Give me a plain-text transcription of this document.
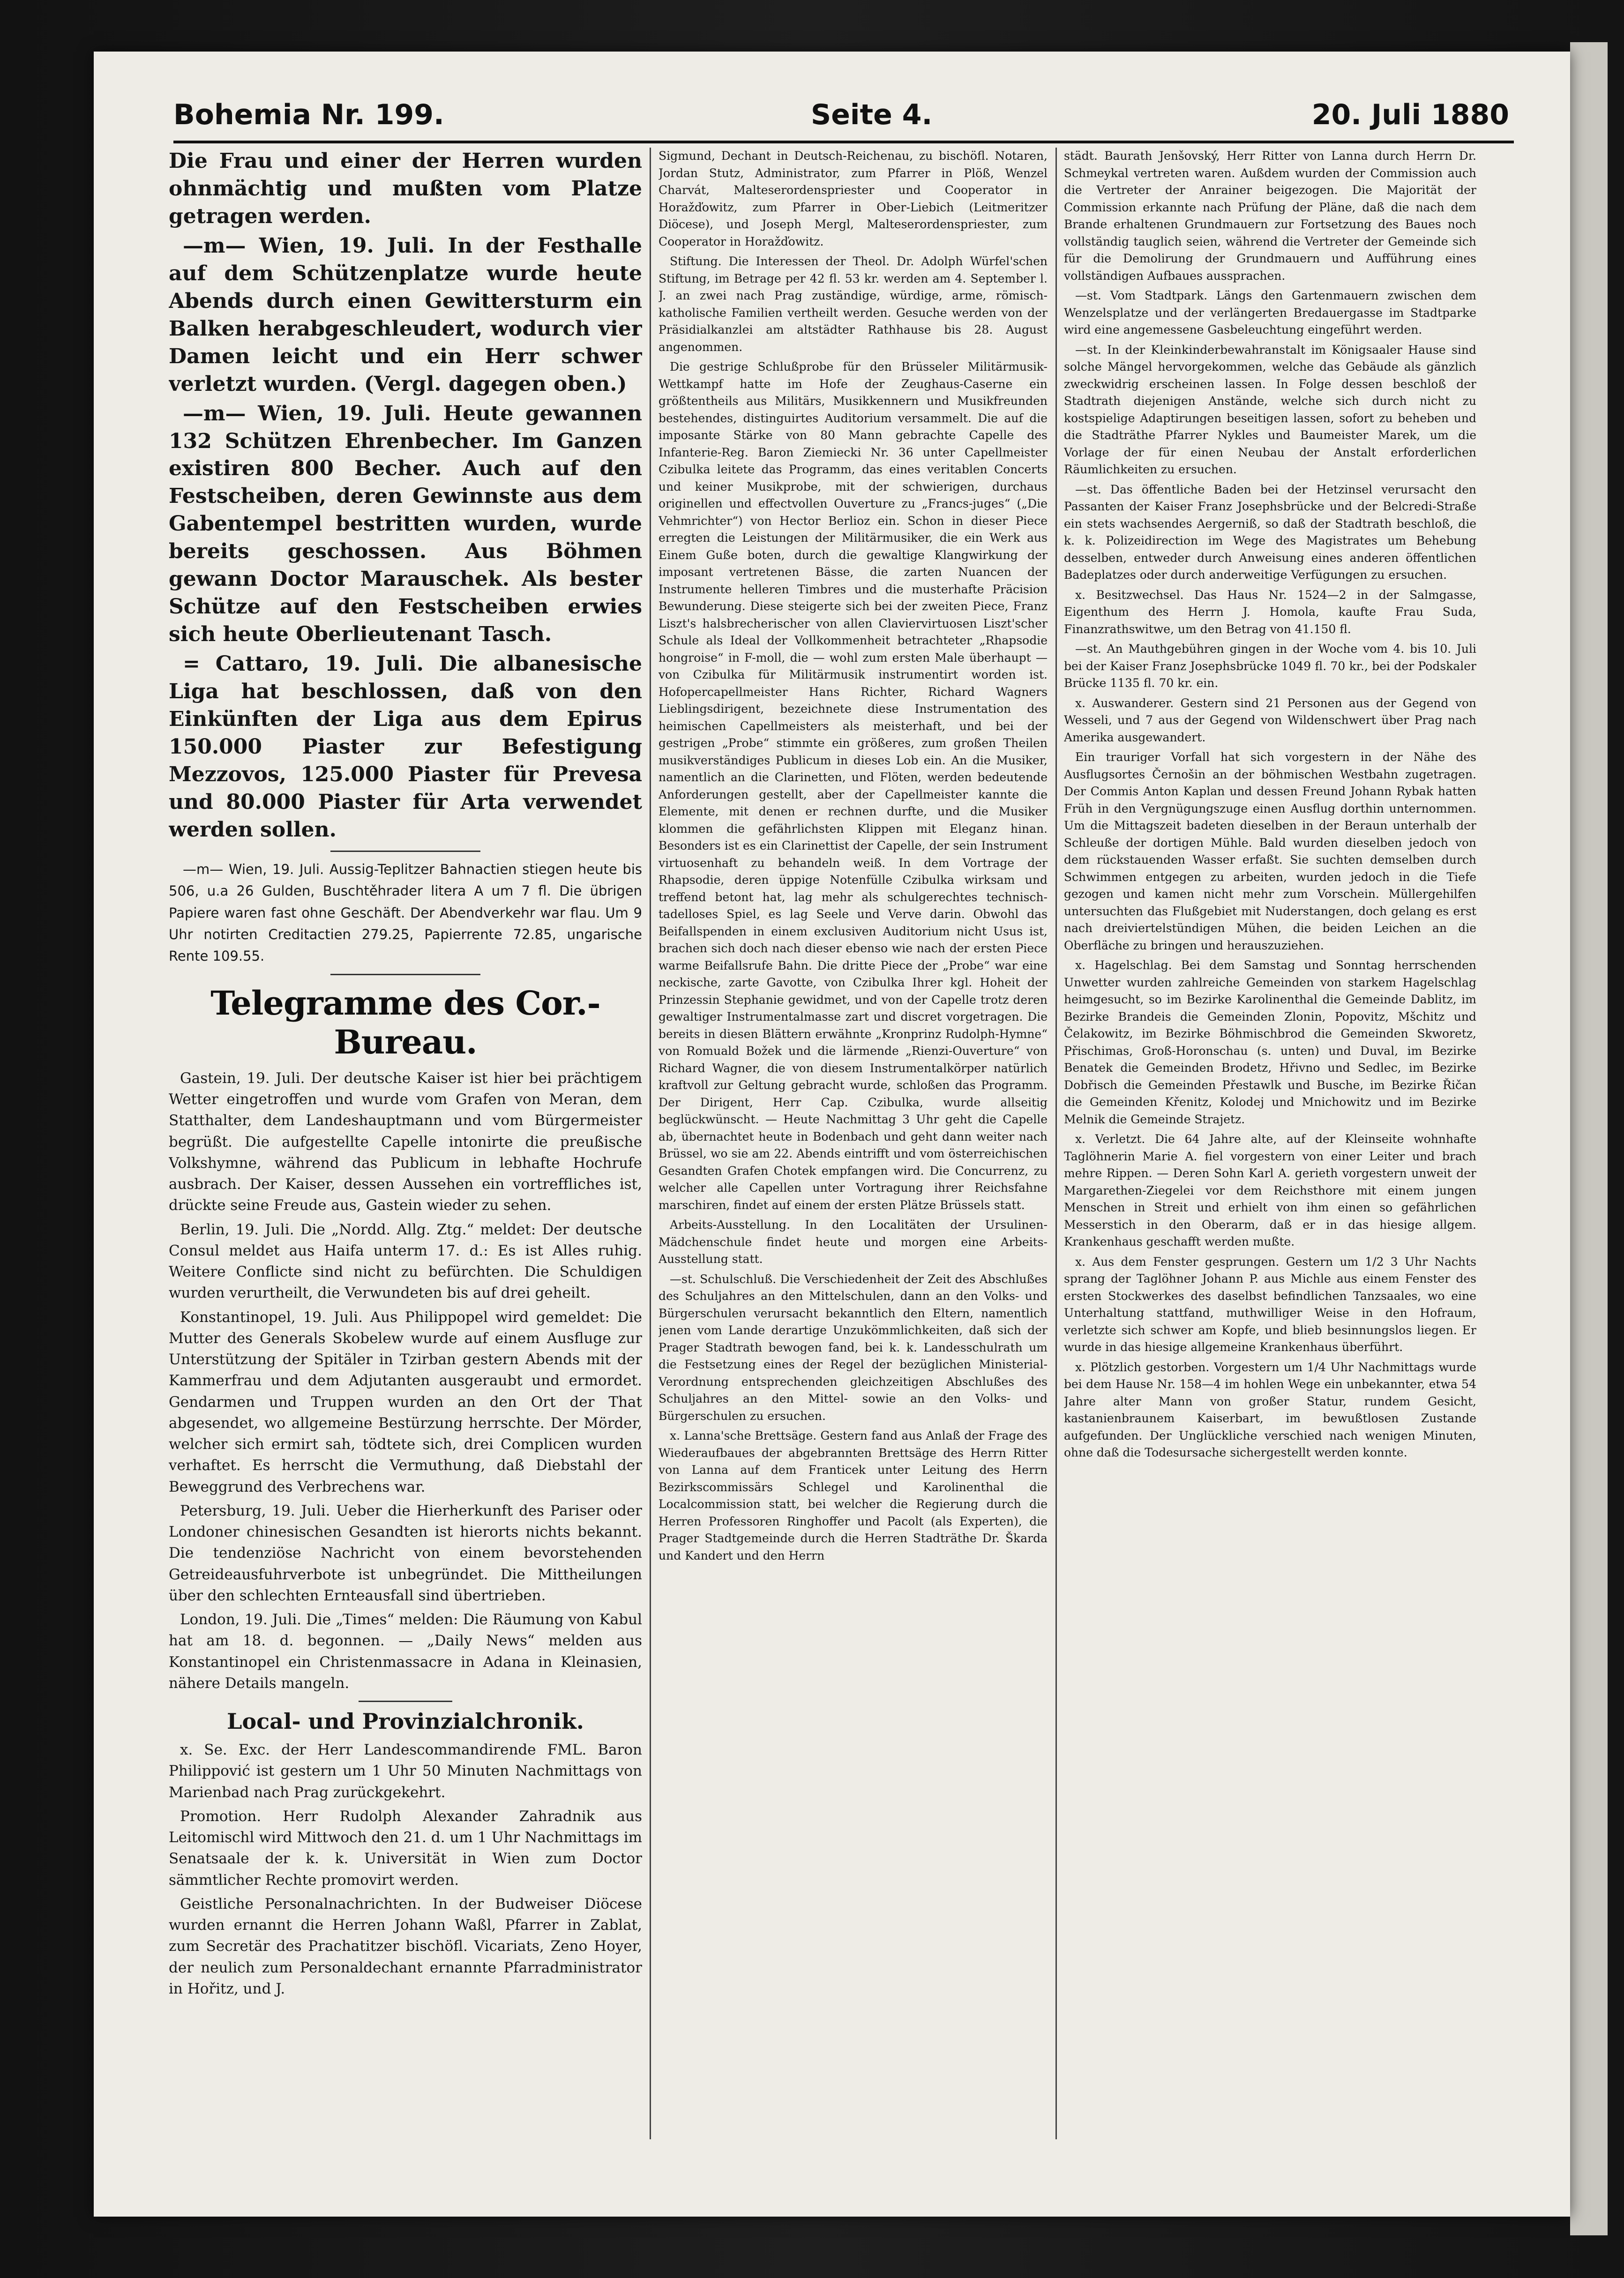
Bohemia Nr. 199.	Seite 4.	20. Juli 1880

Die Frau und einer der Herren wurden ohnmächtig und mußten vom Platze getragen werden.

—m— Wien, 19. Juli. In der Festhalle auf dem Schützenplatze wurde heute Abends durch einen Gewittersturm ein Balken herabgeschleudert, wodurch vier Damen leicht und ein Herr schwer verletzt wurden. (Vergl. dagegen oben.)

—m— Wien, 19. Juli. Heute gewannen 132 Schützen Ehrenbecher. Im Ganzen existiren 800 Becher. Auch auf den Festscheiben, deren Gewinnste aus dem Gabentempel bestritten wurden, wurde bereits geschossen. Aus Böhmen gewann Doctor Marauschek. Als bester Schütze auf den Festscheiben erwies sich heute Oberlieutenant Tasch.

= Cattaro, 19. Juli. Die albanesische Liga hat beschlossen, daß von den Einkünften der Liga aus dem Epirus 150.000 Piaster zur Befestigung Mezzovos, 125.000 Piaster für Prevesa und 80.000 Piaster für Arta verwendet werden sollen.

—m— Wien, 19. Juli. Aussig-Teplitzer Bahnactien stiegen heute bis 506, u.a 26 Gulden, Buschtěhrader litera A um 7 fl. Die übrigen Papiere waren fast ohne Geschäft. Der Abendverkehr war flau. Um 9 Uhr notirten Creditactien 279.25, Papierrente 72.85, ungarische Rente 109.55.

Telegramme des Cor.-Bureau.

Gastein, 19. Juli. Der deutsche Kaiser ist hier bei prächtigem Wetter eingetroffen und wurde vom Grafen von Meran, dem Statthalter, dem Landeshauptmann und vom Bürgermeister begrüßt. Die aufgestellte Capelle intonirte die preußische Volkshymne, während das Publicum in lebhafte Hochrufe ausbrach. Der Kaiser, dessen Aussehen ein vortreffliches ist, drückte seine Freude aus, Gastein wieder zu sehen.

Berlin, 19. Juli. Die „Nordd. Allg. Ztg.“ meldet: Der deutsche Consul meldet aus Haifa unterm 17. d.: Es ist Alles ruhig. Weitere Conflicte sind nicht zu befürchten. Die Schuldigen wurden verurtheilt, die Verwundeten bis auf drei geheilt.

Konstantinopel, 19. Juli. Aus Philippopel wird gemeldet: Die Mutter des Generals Skobelew wurde auf einem Ausfluge zur Unterstützung der Spitäler in Tzirban gestern Abends mit der Kammerfrau und dem Adjutanten ausgeraubt und ermordet. Gendarmen und Truppen wurden an den Ort der That abgesendet, wo allgemeine Bestürzung herrschte. Der Mörder, welcher sich ermirt sah, tödtete sich, drei Complicen wurden verhaftet. Es herrscht die Vermuthung, daß Diebstahl der Beweggrund des Verbrechens war.

Petersburg, 19. Juli. Ueber die Hierherkunft des Pariser oder Londoner chinesischen Gesandten ist hierorts nichts bekannt. Die tendenziöse Nachricht von einem bevorstehenden Getreideausfuhrverbote ist unbegründet. Die Mittheilungen über den schlechten Ernteausfall sind übertrieben.

London, 19. Juli. Die „Times“ melden: Die Räumung von Kabul hat am 18. d. begonnen. — „Daily News“ melden aus Konstantinopel ein Christenmassacre in Adana in Kleinasien, nähere Details mangeln.

Local- und Provinzialchronik.

x. Se. Exc. der Herr Landescommandirende FML. Baron Philippović ist gestern um 1 Uhr 50 Minuten Nachmittags von Marienbad nach Prag zurückgekehrt.

Promotion. Herr Rudolph Alexander Zahradnik aus Leitomischl wird Mittwoch den 21. d. um 1 Uhr Nachmittags im Senatsaale der k. k. Universität in Wien zum Doctor sämmtlicher Rechte promovirt werden.

Geistliche Personalnachrichten. In der Budweiser Diöcese wurden ernannt die Herren Johann Waßl, Pfarrer in Zablat, zum Secretär des Prachatitzer bischöfl. Vicariats, Zeno Hoyer, der neulich zum Personaldechant ernannte Pfarradministrator in Hořitz, und J.

Sigmund, Dechant in Deutsch-Reichenau, zu bischöfl. Notaren, Jordan Stutz, Administrator, zum Pfarrer in Plöß, Wenzel Charvát, Malteserordenspriester und Cooperator in Horažďowitz, zum Pfarrer in Ober-Liebich (Leitmeritzer Diöcese), und Joseph Mergl, Malteserordenspriester, zum Cooperator in Horažďowitz.

Stiftung. Die Interessen der Theol. Dr. Adolph Würfel'schen Stiftung, im Betrage per 42 fl. 53 kr. werden am 4. September l. J. an zwei nach Prag zuständige, würdige, arme, römisch-katholische Familien vertheilt werden. Gesuche werden von der Präsidialkanzlei am altstädter Rathhause bis 28. August angenommen.

Die gestrige Schlußprobe für den Brüsseler Militärmusik-Wettkampf hatte im Hofe der Zeughaus-Caserne ein größtentheils aus Militärs, Musikkennern und Musikfreunden bestehendes, distinguirtes Auditorium versammelt. Die auf die imposante Stärke von 80 Mann gebrachte Capelle des Infanterie-Reg. Baron Ziemiecki Nr. 36 unter Capellmeister Czibulka leitete das Programm, das eines veritablen Concerts und keiner Musikprobe, mit der schwierigen, durchaus originellen und effectvollen Ouverture zu „Francs-juges“ („Die Vehmrichter“) von Hector Berlioz ein. Schon in dieser Piece erregten die Leistungen der Militärmusiker, die ein Werk aus Einem Guße boten, durch die gewaltige Klangwirkung der imposant vertretenen Bässe, die zarten Nuancen der Instrumente helleren Timbres und die musterhafte Präcision Bewunderung. Diese steigerte sich bei der zweiten Piece, Franz Liszt's halsbrecherischer von allen Claviervirtuosen Liszt'scher Schule als Ideal der Vollkommenheit betrachteter „Rhapsodie hongroise“ in F-moll, die — wohl zum ersten Male überhaupt — von Czibulka für Militärmusik instrumentirt worden ist. Hofopercapellmeister Hans Richter, Richard Wagners Lieblingsdirigent, bezeichnete diese Instrumentation des heimischen Capellmeisters als meisterhaft, und bei der gestrigen „Probe“ stimmte ein größeres, zum großen Theilen musikverständiges Publicum in dieses Lob ein. An die Musiker, namentlich an die Clarinetten, und Flöten, werden bedeutende Anforderungen gestellt, aber der Capellmeister kannte die Elemente, mit denen er rechnen durfte, und die Musiker klommen die gefährlichsten Klippen mit Eleganz hinan. Besonders ist es ein Clarinettist der Capelle, der sein Instrument virtuosenhaft zu behandeln weiß. In dem Vortrage der Rhapsodie, deren üppige Notenfülle Czibulka wirksam und treffend betont hat, lag mehr als schulgerechtes technisch-tadelloses Spiel, es lag Seele und Verve darin. Obwohl das Beifallspenden in einem exclusiven Auditorium nicht Usus ist, brachen sich doch nach dieser ebenso wie nach der ersten Piece warme Beifallsrufe Bahn. Die dritte Piece der „Probe“ war eine neckische, zarte Gavotte, von Czibulka Ihrer kgl. Hoheit der Prinzessin Stephanie gewidmet, und von der Capelle trotz deren gewaltiger Instrumentalmasse zart und discret vorgetragen. Die bereits in diesen Blättern erwähnte „Kronprinz Rudolph-Hymne“ von Romuald Božek und die lärmende „Rienzi-Ouverture“ von Richard Wagner, die von diesem Instrumentalkörper natürlich kraftvoll zur Geltung gebracht wurde, schloßen das Programm. Der Dirigent, Herr Cap. Czibulka, wurde allseitig beglückwünscht. — Heute Nachmittag 3 Uhr geht die Capelle ab, übernachtet heute in Bodenbach und geht dann weiter nach Brüssel, wo sie am 22. Abends eintrifft und vom österreichischen Gesandten Grafen Chotek empfangen wird. Die Concurrenz, zu welcher alle Capellen unter Vortragung ihrer Reichsfahne marschiren, findet auf einem der ersten Plätze Brüssels statt.

Arbeits-Ausstellung. In den Localitäten der Ursulinen-Mädchenschule findet heute und morgen eine Arbeits-Ausstellung statt.

—st. Schulschluß. Die Verschiedenheit der Zeit des Abschlußes des Schuljahres an den Mittelschulen, dann an den Volks- und Bürgerschulen verursacht bekanntlich den Eltern, namentlich jenen vom Lande derartige Unzukömmlichkeiten, daß sich der Prager Stadtrath bewogen fand, bei k. k. Landesschulrath um die Festsetzung eines der Regel der bezüglichen Ministerial-Verordnung entsprechenden gleichzeitigen Abschlußes des Schuljahres an den Mittel- sowie an den Volks- und Bürgerschulen zu ersuchen.

x. Lanna'sche Brettsäge. Gestern fand aus Anlaß der Frage des Wiederaufbaues der abgebrannten Brettsäge des Herrn Ritter von Lanna auf dem Franticek unter Leitung des Herrn Bezirkscommissärs Schlegel und Karolinenthal die Localcommission statt, bei welcher die Regierung durch die Herren Professoren Ringhoffer und Pacolt (als Experten), die Prager Stadtgemeinde durch die Herren Stadträthe Dr. Škarda und Kandert und den Herrn

städt. Baurath Jenšovský, Herr Ritter von Lanna durch Herrn Dr. Schmeykal vertreten waren. Außdem wurden der Commission auch die Vertreter der Anrainer beigezogen. Die Majorität der Commission erkannte nach Prüfung der Pläne, daß die nach dem Brande erhaltenen Grundmauern zur Fortsetzung des Baues noch vollständig tauglich seien, während die Vertreter der Gemeinde sich für die Demolirung der Grundmauern und Aufführung eines vollständigen Aufbaues aussprachen.

—st. Vom Stadtpark. Längs den Gartenmauern zwischen dem Wenzelsplatze und der verlängerten Bredauergasse im Stadtparke wird eine angemessene Gasbeleuchtung eingeführt werden.

—st. In der Kleinkinderbewahranstalt im Königsaaler Hause sind solche Mängel hervorgekommen, welche das Gebäude als gänzlich zweckwidrig erscheinen lassen. In Folge dessen beschloß der Stadtrath diejenigen Anstände, welche sich durch nicht zu kostspielige Adaptirungen beseitigen lassen, sofort zu beheben und die Stadträthe Pfarrer Nykles und Baumeister Marek, um die Vorlage der für einen Neubau der Anstalt erforderlichen Räumlichkeiten zu ersuchen.

—st. Das öffentliche Baden bei der Hetzinsel verursacht den Passanten der Kaiser Franz Josephsbrücke und der Belcredi-Straße ein stets wachsendes Aergerniß, so daß der Stadtrath beschloß, die k. k. Polizeidirection im Wege des Magistrates um Behebung desselben, entweder durch Anweisung eines anderen öffentlichen Badeplatzes oder durch anderweitige Verfügungen zu ersuchen.

x. Besitzwechsel. Das Haus Nr. 1524—2 in der Salmgasse, Eigenthum des Herrn J. Homola, kaufte Frau Suda, Finanzrathswitwe, um den Betrag von 41.150 fl.

—st. An Mauthgebühren gingen in der Woche vom 4. bis 10. Juli bei der Kaiser Franz Josephsbrücke 1049 fl. 70 kr., bei der Podskaler Brücke 1135 fl. 70 kr. ein.

x. Auswanderer. Gestern sind 21 Personen aus der Gegend von Wesseli, und 7 aus der Gegend von Wildenschwert über Prag nach Amerika ausgewandert.

Ein trauriger Vorfall hat sich vorgestern in der Nähe des Ausflugsortes Černošin an der böhmischen Westbahn zugetragen. Der Commis Anton Kaplan und dessen Freund Johann Rybak hatten Früh in den Vergnügungszuge einen Ausflug dorthin unternommen. Um die Mittagszeit badeten dieselben in der Beraun unterhalb der Schleuße der dortigen Mühle. Bald wurden dieselben jedoch von dem rückstauenden Wasser erfaßt. Sie suchten demselben durch Schwimmen entgegen zu arbeiten, wurden jedoch in die Tiefe gezogen und kamen nicht mehr zum Vorschein. Müllergehilfen untersuchten das Flußgebiet mit Nuderstangen, doch gelang es erst nach dreiviertelstündigen Mühen, die beiden Leichen an die Oberfläche zu bringen und herauszuziehen.

x. Hagelschlag. Bei dem Samstag und Sonntag herrschenden Unwetter wurden zahlreiche Gemeinden von starkem Hagelschlag heimgesucht, so im Bezirke Karolinenthal die Gemeinde Dablitz, im Bezirke Brandeis die Gemeinden Zlonin, Popovitz, Mšchitz und Čelakowitz, im Bezirke Böhmischbrod die Gemeinden Skworetz, Přischimas, Groß-Horonschau (s. unten) und Duval, im Bezirke Benatek die Gemeinden Brodetz, Hřivno und Sedlec, im Bezirke Dobřisch die Gemeinden Přestawlk und Busche, im Bezirke Řičan die Gemeinden Křenitz, Kolodej und Mnichowitz und im Bezirke Melnik die Gemeinde Strajetz.

x. Verletzt. Die 64 Jahre alte, auf der Kleinseite wohnhafte Taglöhnerin Marie A. fiel vorgestern von einer Leiter und brach mehre Rippen. — Deren Sohn Karl A. gerieth vorgestern unweit der Margarethen-Ziegelei vor dem Reichsthore mit einem jungen Menschen in Streit und erhielt von ihm einen so gefährlichen Messerstich in den Oberarm, daß er in das hiesige allgem. Krankenhaus geschafft werden mußte.

x. Aus dem Fenster gesprungen. Gestern um 1/2 3 Uhr Nachts sprang der Taglöhner Johann P. aus Michle aus einem Fenster des ersten Stockwerkes des daselbst befindlichen Tanzsaales, wo eine Unterhaltung stattfand, muthwilliger Weise in den Hofraum, verletzte sich schwer am Kopfe, und blieb besinnungslos liegen. Er wurde in das hiesige allgemeine Krankenhaus überführt.

x. Plötzlich gestorben. Vorgestern um 1/4 Uhr Nachmittags wurde bei dem Hause Nr. 158—4 im hohlen Wege ein unbekannter, etwa 54 Jahre alter Mann von großer Statur, rundem Gesicht, kastanienbraunem Kaiserbart, im bewußtlosen Zustande aufgefunden. Der Unglückliche verschied nach wenigen Minuten, ohne daß die Todesursache sichergestellt werden konnte.
